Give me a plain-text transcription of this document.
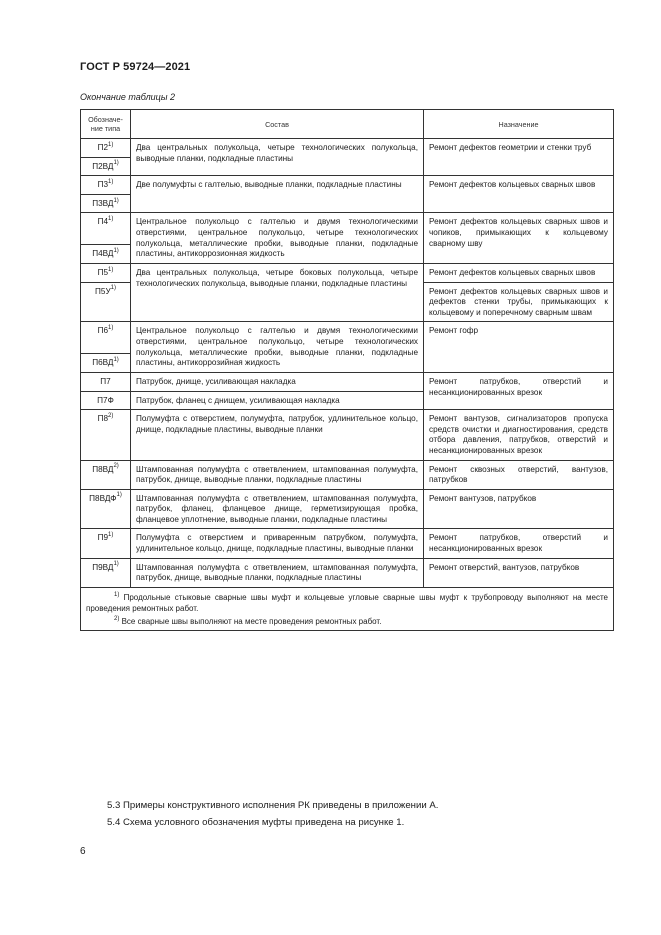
ГОСТ Р 59724—2021
Окончание таблицы 2
Обозначе-
ние типа	Состав	Назначение
П2$^{1)}$	Два центральных полукольца, четыре технологических полукольца, выводные планки, подкладные пластины	Ремонт дефектов геометрии и стенки труб
П2ВД$^{1)}$
П3$^{1)}$	Две полумуфты с галтелью, выводные планки, подкладные пластины	Ремонт дефектов кольцевых сварных швов
П3ВД$^{1)}$
П4$^{1)}$	Центральное полукольцо с галтелью и двумя технологическими отверстиями, центральное полукольцо, четыре технологических полукольца, металлические пробки, выводные планки, подкладные пластины, антикоррозионная жидкость	Ремонт дефектов кольцевых сварных швов и чопиков, примыкающих к кольцевому сварному шву
П4ВД$^{1)}$
П5$^{1)}$	Два центральных полукольца, четыре боковых полукольца, четыре технологических полукольца, выводные планки, подкладные пластины	Ремонт дефектов кольцевых сварных швов
$П5У^{1)}$		Ремонт дефектов кольцевых сварных швов и дефектов стенки трубы, примыкающих к кольцевому и поперечному сварным швам
П6$^{1)}$	Центральное полукольцо с галтелью и двумя технологическими отверстиями, центральное полукольцо, четыре технологических полукольца, металлические пробки, выводные планки, подкладные пластины, антикоррозийная жидкость	Ремонт гофр
П6ВД$^{1)}$
П7	Патрубок, днище, усиливающая накладка	Ремонт патрубков, отверстий и несанкционированных врезок
П7Ф	Патрубок, фланец с днищем, усиливающая накладка	
П8$^{2)}$	Полумуфта с отверстием, полумуфта, патрубок, удлинительное кольцо, днище, подкладные пластины, выводные планки	Ремонт вантузов, сигнализаторов пропуска средств очистки и диагностирования, средств отбора давления, патрубков, отверстий и несанкционированных врезок
П8ВД$^{2)}$	Штампованная полумуфта с ответвлением, штампованная полумуфта, патрубок, днище, выводные планки, подкладные пластины	Ремонт сквозных отверстий, вантузов, патрубков
П8ВДФ$^{1)}$	Штампованная полумуфта с ответвлением, штампованная полумуфта, патрубок, фланец, фланцевое днище, герметизирующая пробка, фланцевое уплотнение, выводные планки, подкладные пластины	Ремонт вантузов, патрубков
П9$^{1)}$	Полумуфта с отверстием и приваренным патрубком, полумуфта, удлинительное кольцо, днище, подкладные пластины, выводные планки	Ремонт патрубков, отверстий и несанкционированных врезок
П9ВД$^{1)}$	Штампованная полумуфта с ответвлением, штампованная полумуфта, патрубок, днище, выводные планки, подкладные пластины	Ремонт отверстий, вантузов, патрубков

$^{1)}$ Продольные стыковые сварные швы муфт и кольцевые угловые сварные швы муфт к трубопроводу выполняют на месте проведения ремонтных работ.

$^{2)}$ Все сварные швы выполняют на месте проведения ремонтных работ.		

5.3 Примеры конструктивного исполнения РК приведены в приложении А.
5.4 Схема условного обозначения муфты приведена на рисунке 1.
6
